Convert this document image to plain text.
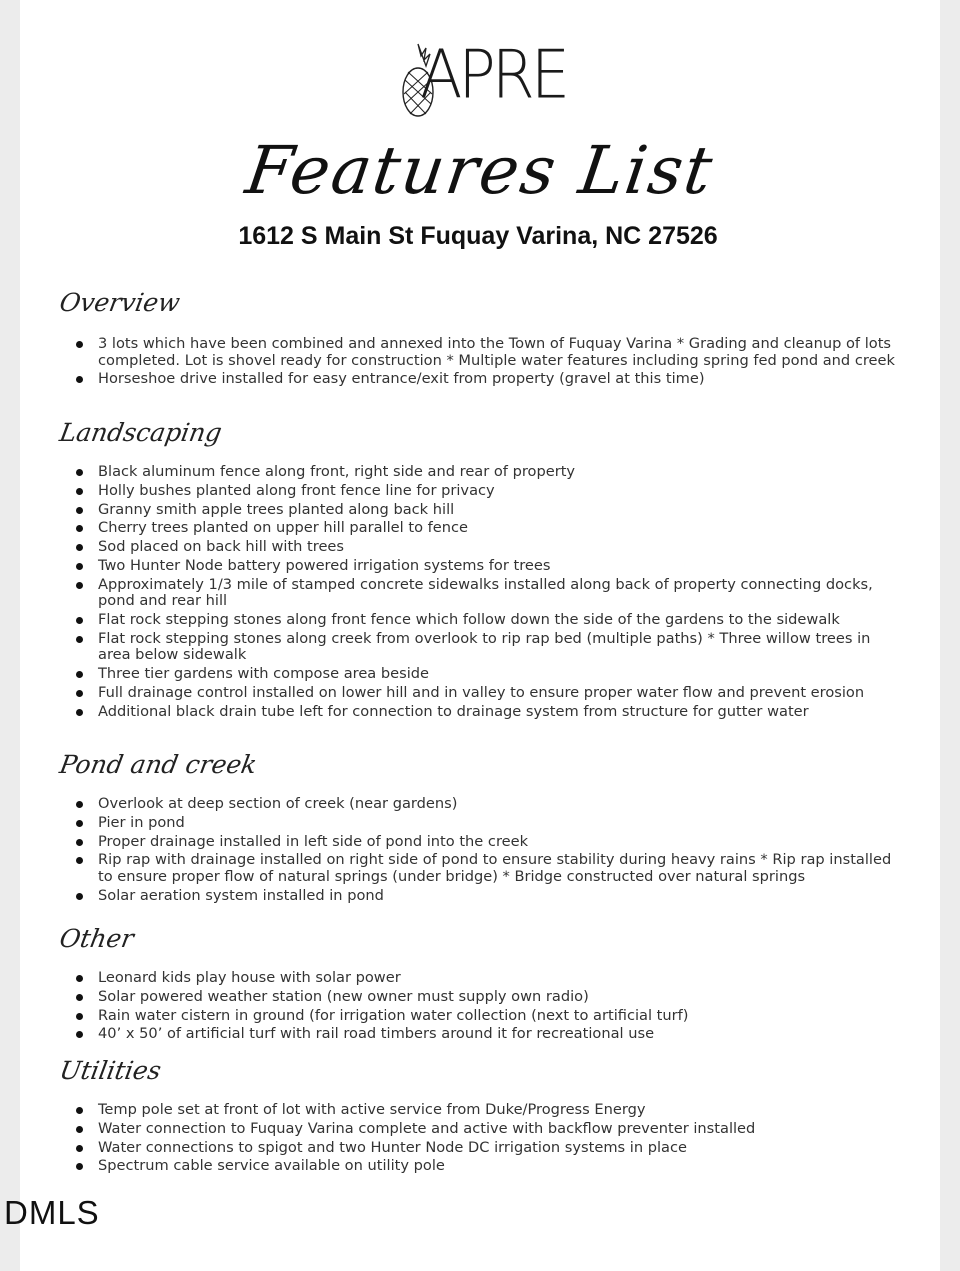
APRE
Features List
1612 S Main St Fuquay Varina, NC 27526
Overview
3 lots which have been combined and annexed into the Town of Fuquay Varina * Grading and cleanup of lots completed. Lot is shovel ready for construction * Multiple water features including spring fed pond and creek
Horseshoe drive installed for easy entrance/exit from property (gravel at this time)
Landscaping
Black aluminum fence along front, right side and rear of property
Holly bushes planted along front fence line for privacy
Granny smith apple trees planted along back hill
Cherry trees planted on upper hill parallel to fence
Sod placed on back hill with trees
Two Hunter Node battery powered irrigation systems for trees
Approximately 1/3 mile of stamped concrete sidewalks installed along back of property connecting docks, pond and rear hill
Flat rock stepping stones along front fence which follow down the side of the gardens to the sidewalk
Flat rock stepping stones along creek from overlook to rip rap bed (multiple paths) * Three willow trees in area below sidewalk
Three tier gardens with compose area beside
Full drainage control installed on lower hill and in valley to ensure proper water flow and prevent erosion
Additional black drain tube left for connection to drainage system from structure for gutter water
Pond and creek
Overlook at deep section of creek (near gardens)
Pier in pond
Proper drainage installed in left side of pond into the creek
Rip rap with drainage installed on right side of pond to ensure stability during heavy rains * Rip rap installed to ensure proper flow of natural springs (under bridge) * Bridge constructed over natural springs
Solar aeration system installed in pond
Other
Leonard kids play house with solar power
Solar powered weather station (new owner must supply own radio)
Rain water cistern in ground (for irrigation water collection (next to artificial turf)
40’ x 50’ of artificial turf with rail road timbers around it for recreational use
Utilities
Temp pole set at front of lot with active service from Duke/Progress Energy
Water connection to Fuquay Varina complete and active with backflow preventer installed
Water connections to spigot and two Hunter Node DC irrigation systems in place
Spectrum cable service available on utility pole
DMLS
